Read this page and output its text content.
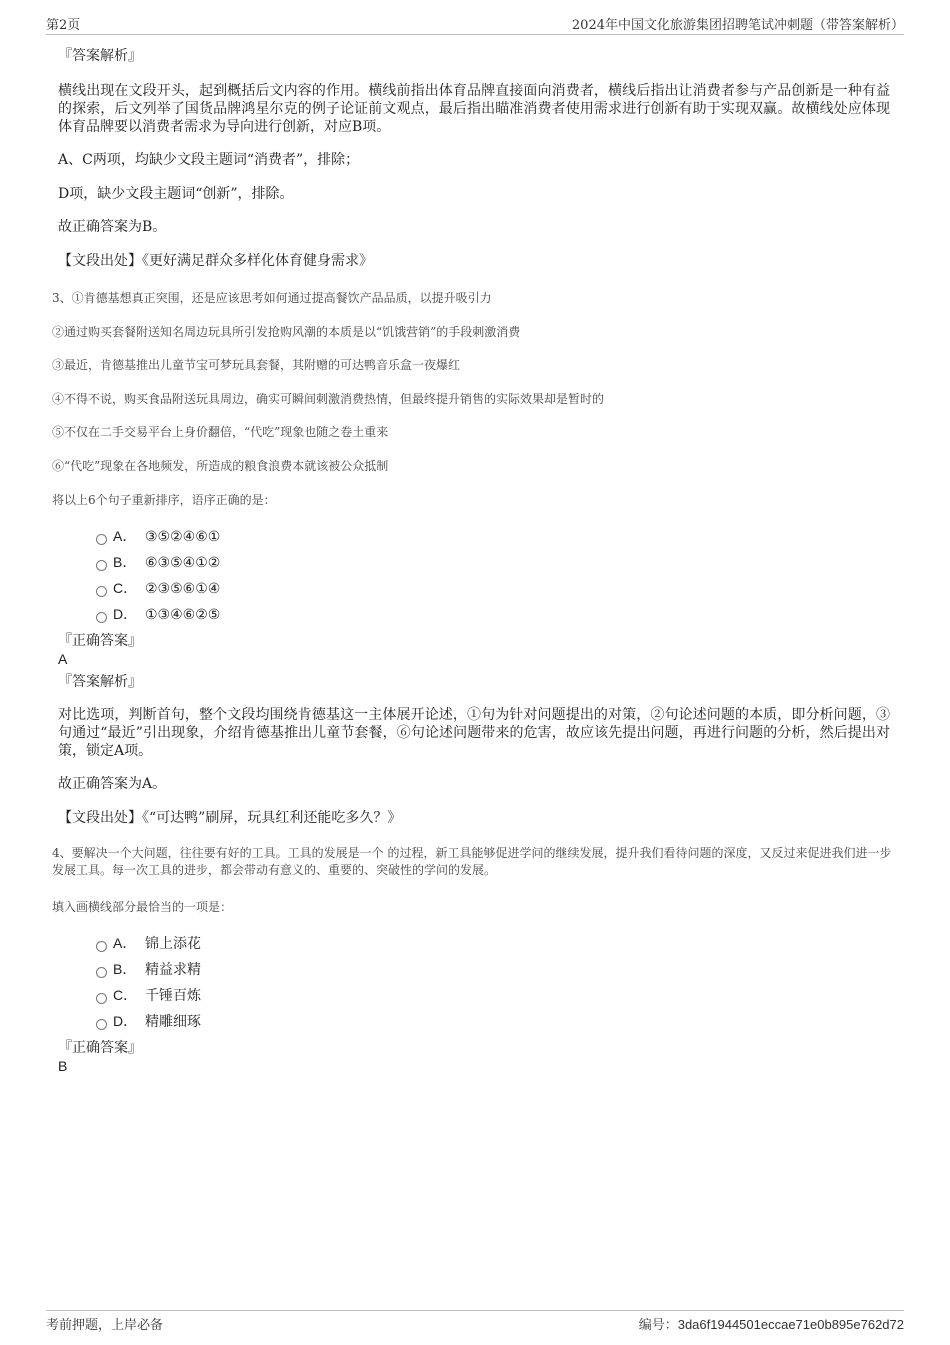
第2页	2024年中国文化旅游集团招聘笔试冲刺题（带答案解析）
『答案解析』
横线出现在文段开头，起到概括后文内容的作用。横线前指出体育品牌直接面向消费者，横线后指出让消费者参与产品创新是一种有益的探索，后文列举了国货品牌鸿星尔克的例子论证前文观点，最后指出瞄准消费者使用需求进行创新有助于实现双赢。故横线处应体现体育品牌要以消费者需求为导向进行创新，对应B项。
A、C两项，均缺少文段主题词“消费者”，排除；
D项，缺少文段主题词“创新”，排除。
故正确答案为B。
【文段出处】《更好满足群众多样化体育健身需求》
3、①肯德基想真正突围，还是应该思考如何通过提高餐饮产品品质，以提升吸引力
②通过购买套餐附送知名周边玩具所引发抢购风潮的本质是以“饥饿营销”的手段刺激消费
③最近，肯德基推出儿童节宝可梦玩具套餐，其附赠的可达鸭音乐盒一夜爆红
④不得不说，购买食品附送玩具周边，确实可瞬间刺激消费热情，但最终提升销售的实际效果却是暂时的
⑤不仅在二手交易平台上身价翻倍，“代吃”现象也随之卷土重来
⑥“代吃”现象在各地频发，所造成的粮食浪费本就该被公众抵制
将以上6个句子重新排序，语序正确的是：
A． ③⑤②④⑥①
B． ⑥③⑤④①②
C． ②③⑤⑥①④
D． ①③④⑥②⑤
『正确答案』
A
『答案解析』
对比选项，判断首句，整个文段均围绕肯德基这一主体展开论述，①句为针对问题提出的对策，②句论述问题的本质，即分析问题，③句通过“最近”引出现象，介绍肯德基推出儿童节套餐，⑥句论述问题带来的危害，故应该先提出问题，再进行问题的分析，然后提出对策，锁定A项。
故正确答案为A。
【文段出处】《“可达鸭”刷屏，玩具红利还能吃多久？》
4、要解决一个大问题，往往要有好的工具。工具的发展是一个 的过程，新工具能够促进学问的继续发展，提升我们看待问题的深度，又反过来促进我们进一步发展工具。每一次工具的进步，都会带动有意义的、重要的、突破性的学问的发展。
填入画横线部分最恰当的一项是：
A． 锦上添花
B． 精益求精
C． 千锤百炼
D． 精雕细琢
『正确答案』
B
考前押题，上岸必备	编号：3da6f1944501eccae71e0b895e762d72
